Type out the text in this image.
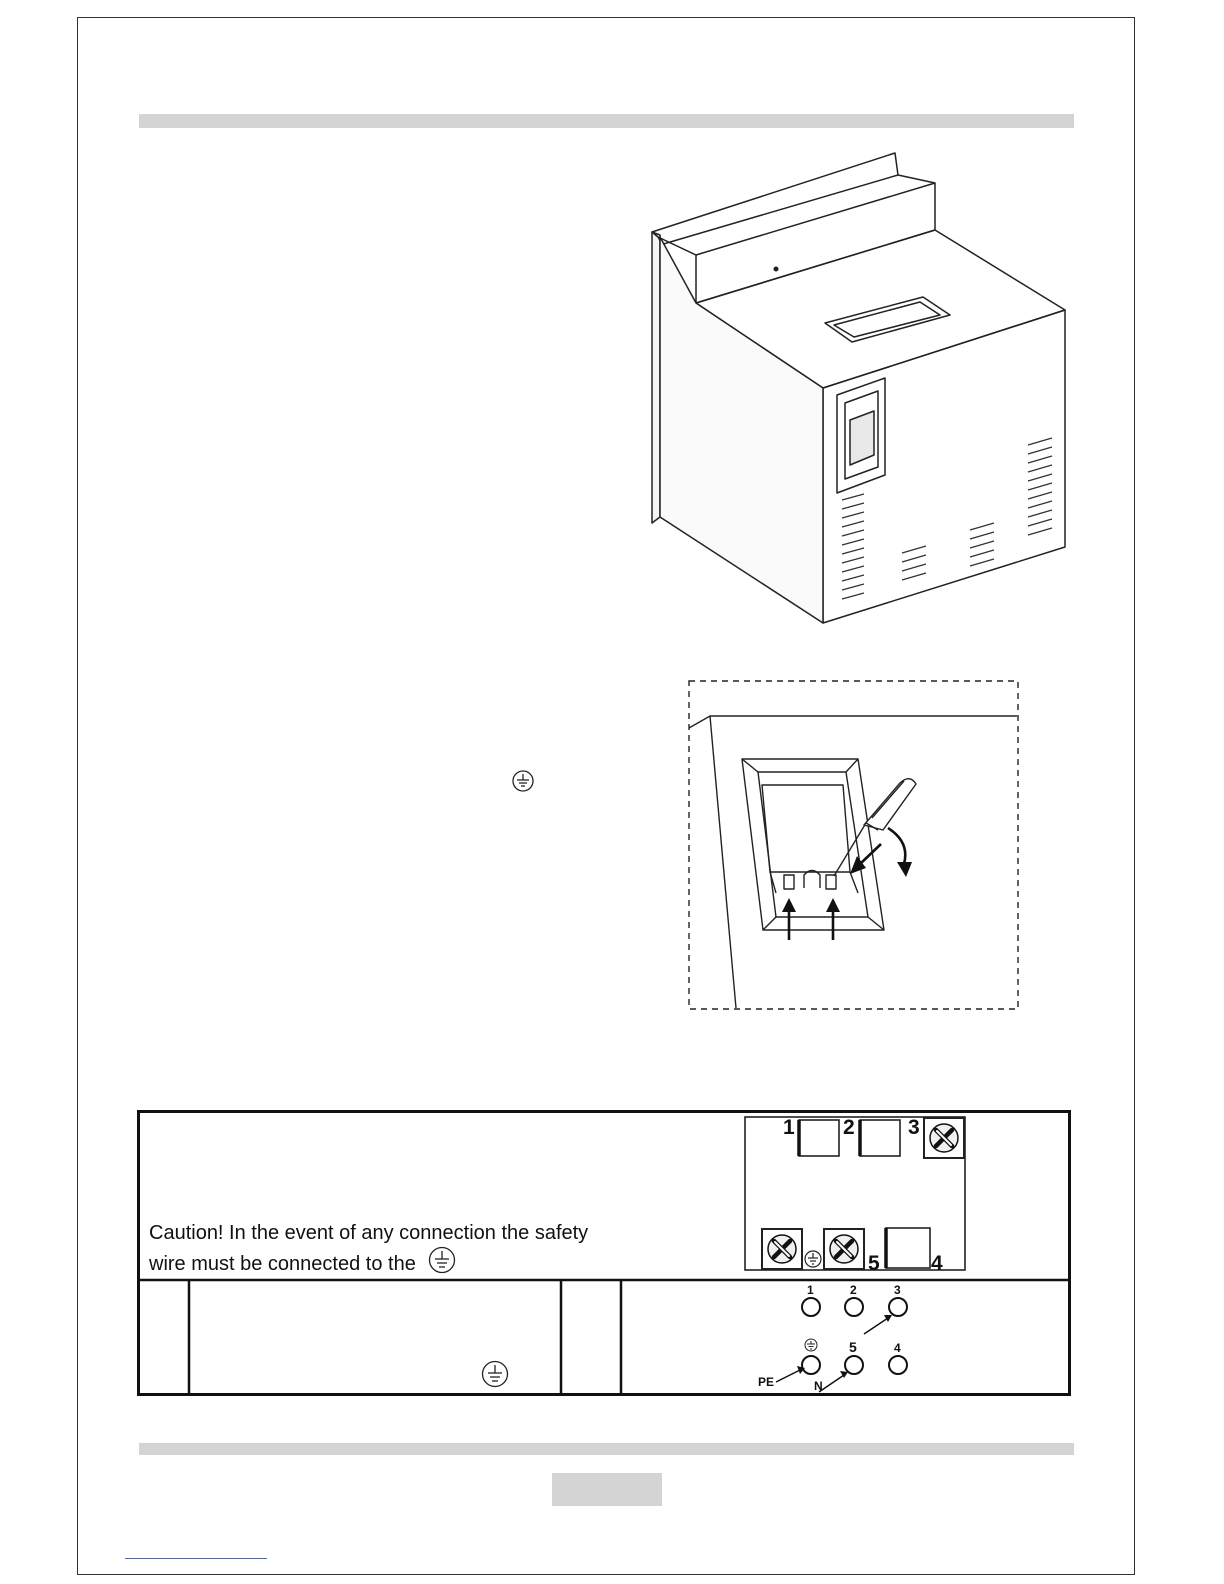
Caution! In the event of any connection the safety
wire must be connected to the
1 2	3
5 4
1	2	3
5	4
PE	N
